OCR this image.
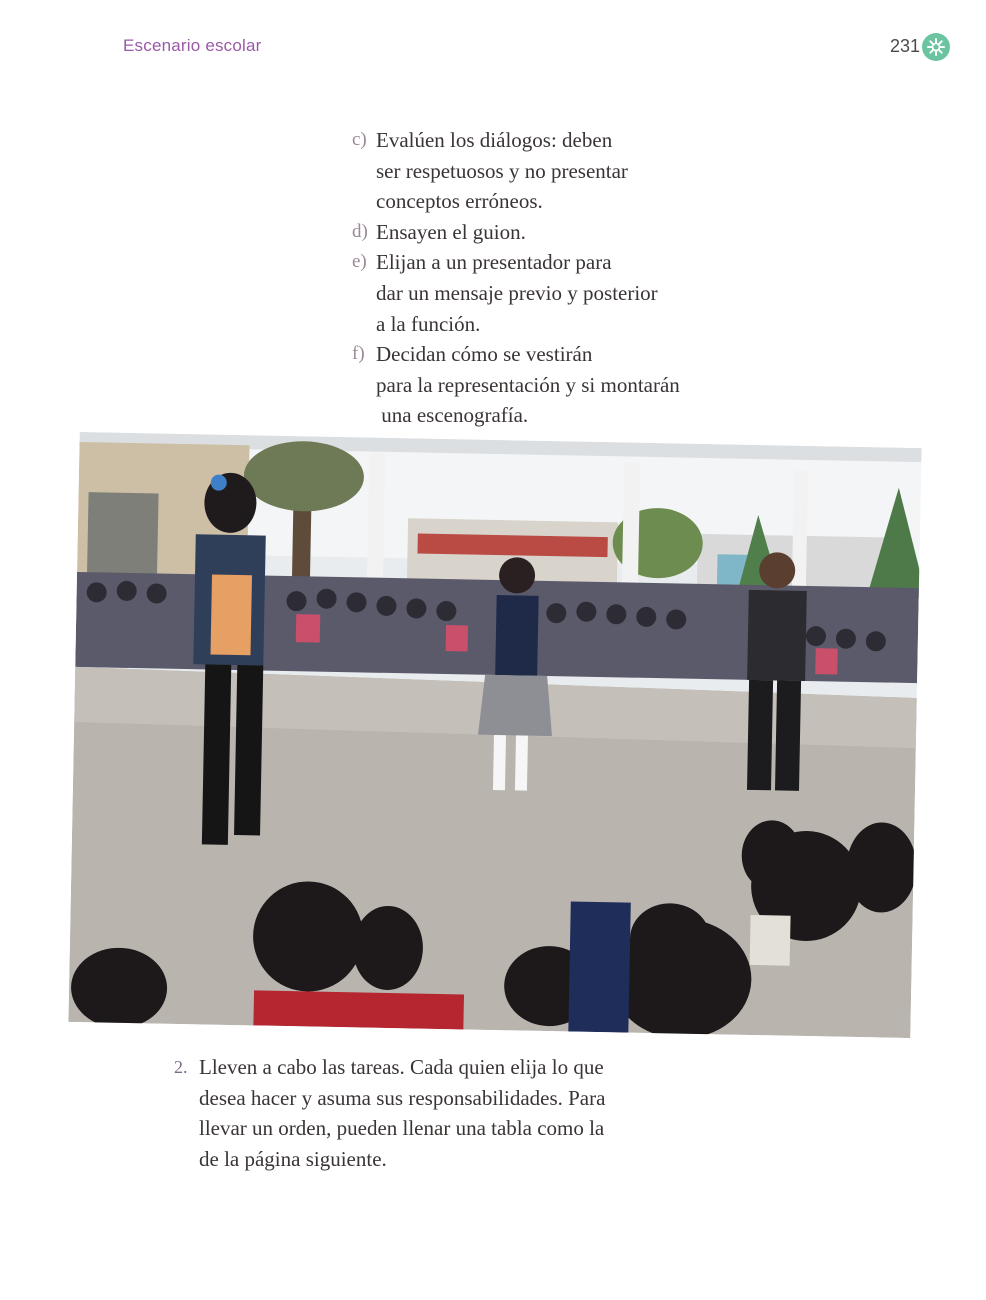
Escenario escolar	231
c) Evalúen los diálogos: deben
ser respetuosos y no presentar
conceptos erróneos.
d) Ensayen el guion.
e) Elijan a un presentador para
dar un mensaje previo y posterior
a la función.
f) Decidan cómo se vestirán
para la representación y si montarán
una escenografía.
2. Lleven a cabo las tareas. Cada quien elija lo que
desea hacer y asuma sus responsabilidades. Para
llevar un orden, pueden llenar una tabla como la
de la página siguiente.
